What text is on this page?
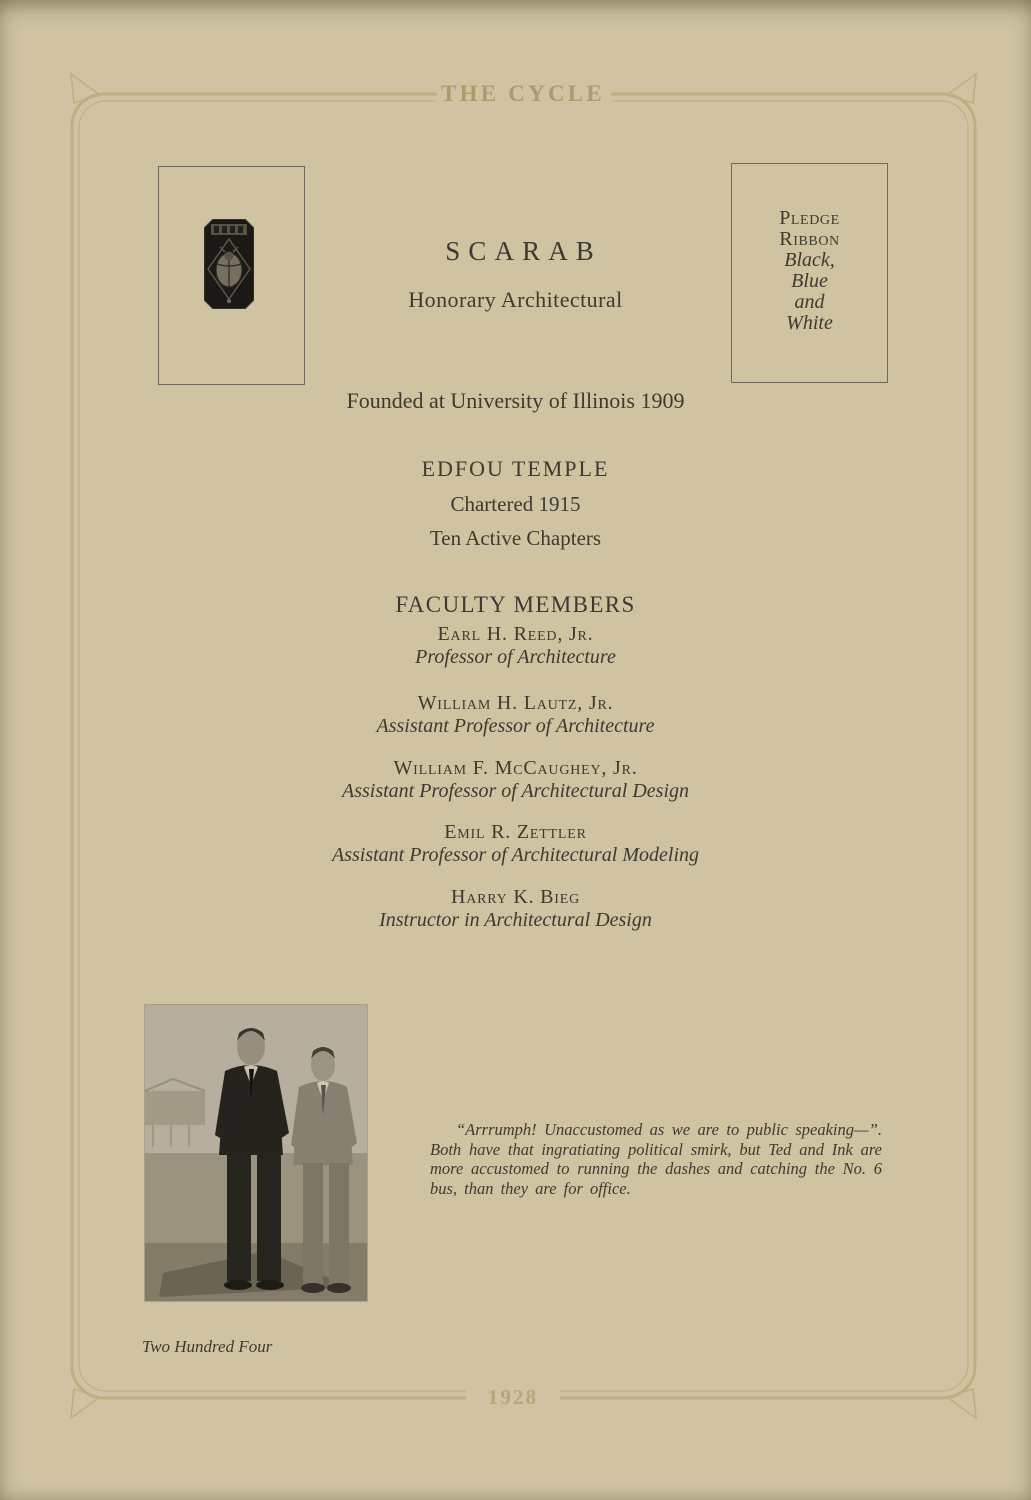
THE CYCLE
Pledge
Ribbon
Black,
Blue
and
White
SCARAB
Honorary Architectural
Founded at University of Illinois 1909
EDFOU TEMPLE
Chartered 1915
Ten Active Chapters
FACULTY MEMBERS
Earl H. Reed, Jr.
Professor of Architecture
William H. Lautz, Jr.
Assistant Professor of Architecture
William F. McCaughey, Jr.
Assistant Professor of Architectural Design
Emil R. Zettler
Assistant Professor of Architectural Modeling
Harry K. Bieg
Instructor in Architectural Design
“Arrrumph! Unaccustomed as we are to public speaking—”. Both have that ingratiating political smirk, but Ted and Ink are more accustomed to running the dashes and catching the No. 6 bus, than they are for office.
Two Hundred Four
1928
